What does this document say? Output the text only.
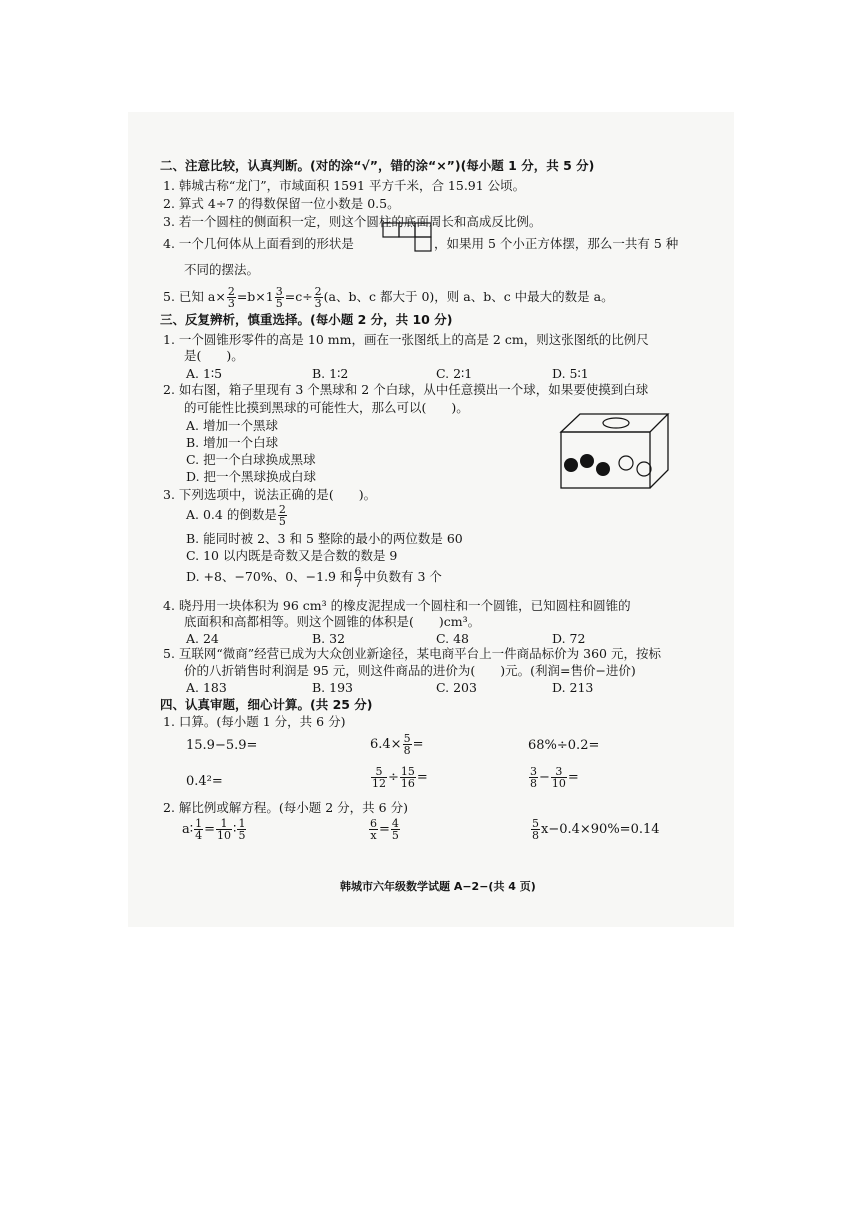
二、注意比较，认真判断。(对的涂“√”，错的涂“×”)(每小题 1 分，共 5 分)
1. 韩城古称“龙门”，市域面积 1591 平方千米，合 15.91 公顷。
2. 算式 4÷7 的得数保留一位小数是 0.5。
3. 若一个圆柱的侧面积一定，则这个圆柱的底面周长和高成反比例。
4. 一个几何体从上面看到的形状是	，如果用 5 个小正方体摆，那么一共有 5 种
不同的摆法。
5. 已知 $a\times \frac{2}{3} =b\times 1 \frac{3}{5} =c\div \frac{2}{3} (a$、b、c 都大于 0)，则 a、b、c 中最大的数是 a。
三、反复辨析，慎重选择。(每小题 2 分，共 10 分)
1. 一个圆锥形零件的高是 10 mm，画在一张图纸上的高是 2 cm，则这张图纸的比例尺
是(　　)。
A. 1∶5	B. 1∶2	C. 2∶1	D. 5∶1
2. 如右图，箱子里现有 3 个黑球和 2 个白球，从中任意摸出一个球，如果要使摸到白球
的可能性比摸到黑球的可能性大，那么可以(　　)。
A. 增加一个黑球
B. 增加一个白球
C. 把一个白球换成黑球
D. 把一个黑球换成白球
3. 下列选项中，说法正确的是(　　)。
A. 0.4 的倒数是 $\frac{2}{5}$
B. 能同时被 2、3 和 5 整除的最小的两位数是 60
C. 10 以内既是奇数又是合数的数是 9
D. +8、−70%、0、−1.9̇ 和 $\frac{6}{7}$ 中负数有 3 个
4. 晓丹用一块体积为 96 cm³ 的橡皮泥捏成一个圆柱和一个圆锥，已知圆柱和圆锥的
底面积和高都相等。则这个圆锥的体积是(　　)cm³。
A. 24	B. 32	C. 48	D. 72
5. 互联网“微商”经营已成为大众创业新途径，某电商平台上一件商品标价为 360 元，按标
价的八折销售时利润是 95 元，则这件商品的进价为(　　)元。(利润=售价−进价)
A. 183	B. 193	C. 203	D. 213
四、认真审题，细心计算。(共 25 分)
1. 口算。(每小题 1 分，共 6 分)
15.9−5.9=	$6.4\times \frac{5}{8}$ =	68%÷0.2=
0.4²=	$\frac{5}{12} \div \frac{15}{16}$ =	$\frac{3}{8} - \frac{3}{10}$ =
2. 解比例或解方程。(每小题 2 分，共 6 分)
a∶ $\frac{1}{4} = \frac{1}{10}$ ∶ $\frac{1}{5}$	$\frac{6}{x} = \frac{4}{5}$	$\frac{5}{8} x-0.4\times 90\%=0.14$
韩城市六年级数学试题 A−2−(共 4 页)
